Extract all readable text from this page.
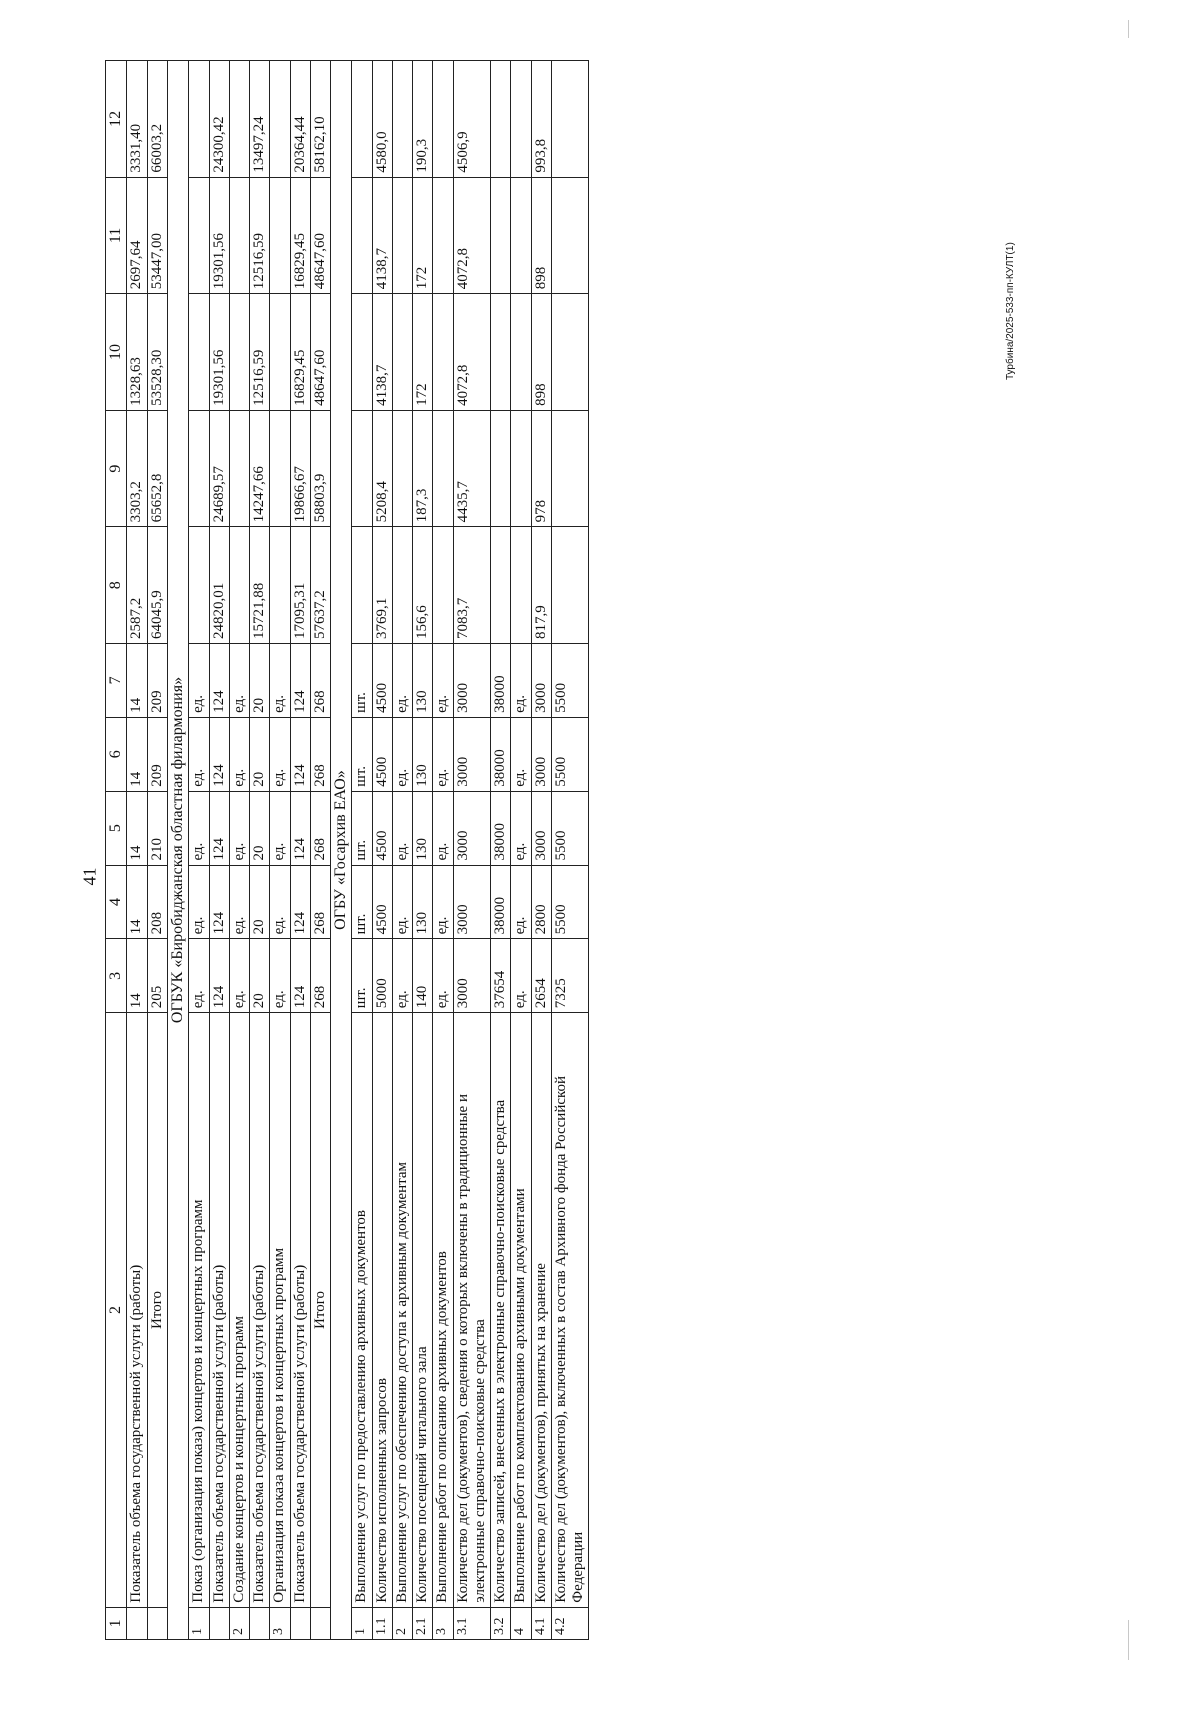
41
Турбина/2025-533-пп-КУЛТ(1)
1	2	3	4	5	6	7	8	9	10	11	12
	Показатель объема государственной услуги (работы)	14	14	14	14	14	2587,2	3303,2	1328,63	2697,64	3331,40
	Итого	205	208	210	209	209	64045,9	65652,8	53528,30	53447,00	66003,2
ОГБУК «Биробиджанская областная филармония»											
1	Показ (организация показа) концертов и концертных программ	ед.	ед.	ед.	ед.	ед.					
	Показатель объема государственной услуги (работы)	124	124	124	124	124	24820,01	24689,57	19301,56	19301,56	24300,42
2	Создание концертов и концертных программ	ед.	ед.	ед.	ед.	ед.					
	Показатель объема государственной услуги (работы)	20	20	20	20	20	15721,88	14247,66	12516,59	12516,59	13497,24
3	Организация показа концертов и концертных программ	ед.	ед.	ед.	ед.	ед.					
	Показатель объема государственной услуги (работы)	124	124	124	124	124	17095,31	19866,67	16829,45	16829,45	20364,44
	Итого	268	268	268	268	268	57637,2	58803,9	48647,60	48647,60	58162,10
ОГБУ «Госархив ЕАО»											
1	Выполнение услуг по предоставлению архивных документов	шт.	шт.	шт.	шт.	шт.					
1.1	Количество исполненных запросов	5000	4500	4500	4500	4500	3769,1	5208,4	4138,7	4138,7	4580,0
2	Выполнение услуг по обеспечению доступа к архивным документам	ед.	ед.	ед.	ед.	ед.					
2.1	Количество посещений читального зала	140	130	130	130	130	156,6	187,3	172	172	190,3
3	Выполнение работ по описанию архивных документов	ед.	ед.	ед.	ед.	ед.					
3.1	Количество дел (документов), сведения о которых включены в традиционные и электронные справочно-поисковые средства	3000	3000	3000	3000	3000	7083,7	4435,7	4072,8	4072,8	4506,9
3.2	Количество записей, внесенных в электронные справочно-поисковые средства	37654	38000	38000	38000	38000					
4	Выполнение работ по комплектованию архивными документами	ед.	ед.	ед.	ед.	ед.					
4.1	Количество дел (документов), принятых на хранение	2654	2800	3000	3000	3000	817,9	978	898	898	993,8
4.2	Количество дел (документов), включенных в состав Архивного фонда Российской Федерации	7325	5500	5500	5500	5500					
